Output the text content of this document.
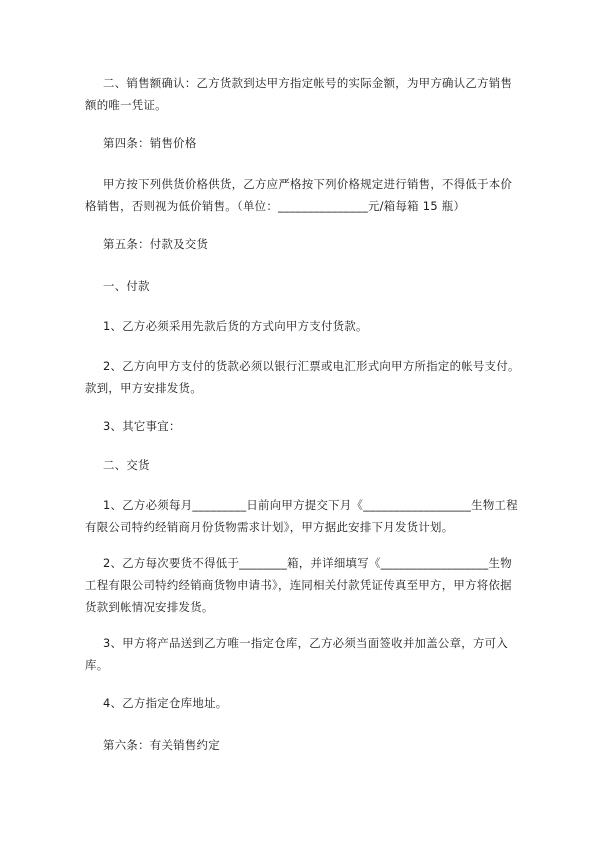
二、销售额确认：乙方货款到达甲方指定帐号的实际金额，为甲方确认乙方销售
额的唯一凭证。

第四条：销售价格

甲方按下列供货价格供货，乙方应严格按下列价格规定进行销售，不得低于本价
格销售，否则视为低价销售。（单位：_______________元/箱每箱 15 瓶）

第五条：付款及交货

一、付款

1、乙方必须采用先款后货的方式向甲方支付货款。

2、乙方向甲方支付的货款必须以银行汇票或电汇形式向甲方所指定的帐号支付。
款到，甲方安排发货。

3、其它事宜：

二、交货

1、乙方必须每月_________日前向甲方提交下月《__________________生物工程
有限公司特约经销商月份货物需求计划》，甲方据此安排下月发货计划。

2、乙方每次要货不得低于________箱，并详细填写《__________________生物
工程有限公司特约经销商货物申请书》，连同相关付款凭证传真至甲方，甲方将依据
货款到帐情况安排发货。

3、甲方将产品送到乙方唯一指定仓库，乙方必须当面签收并加盖公章，方可入
库。

4、乙方指定仓库地址。

第六条：有关销售约定
